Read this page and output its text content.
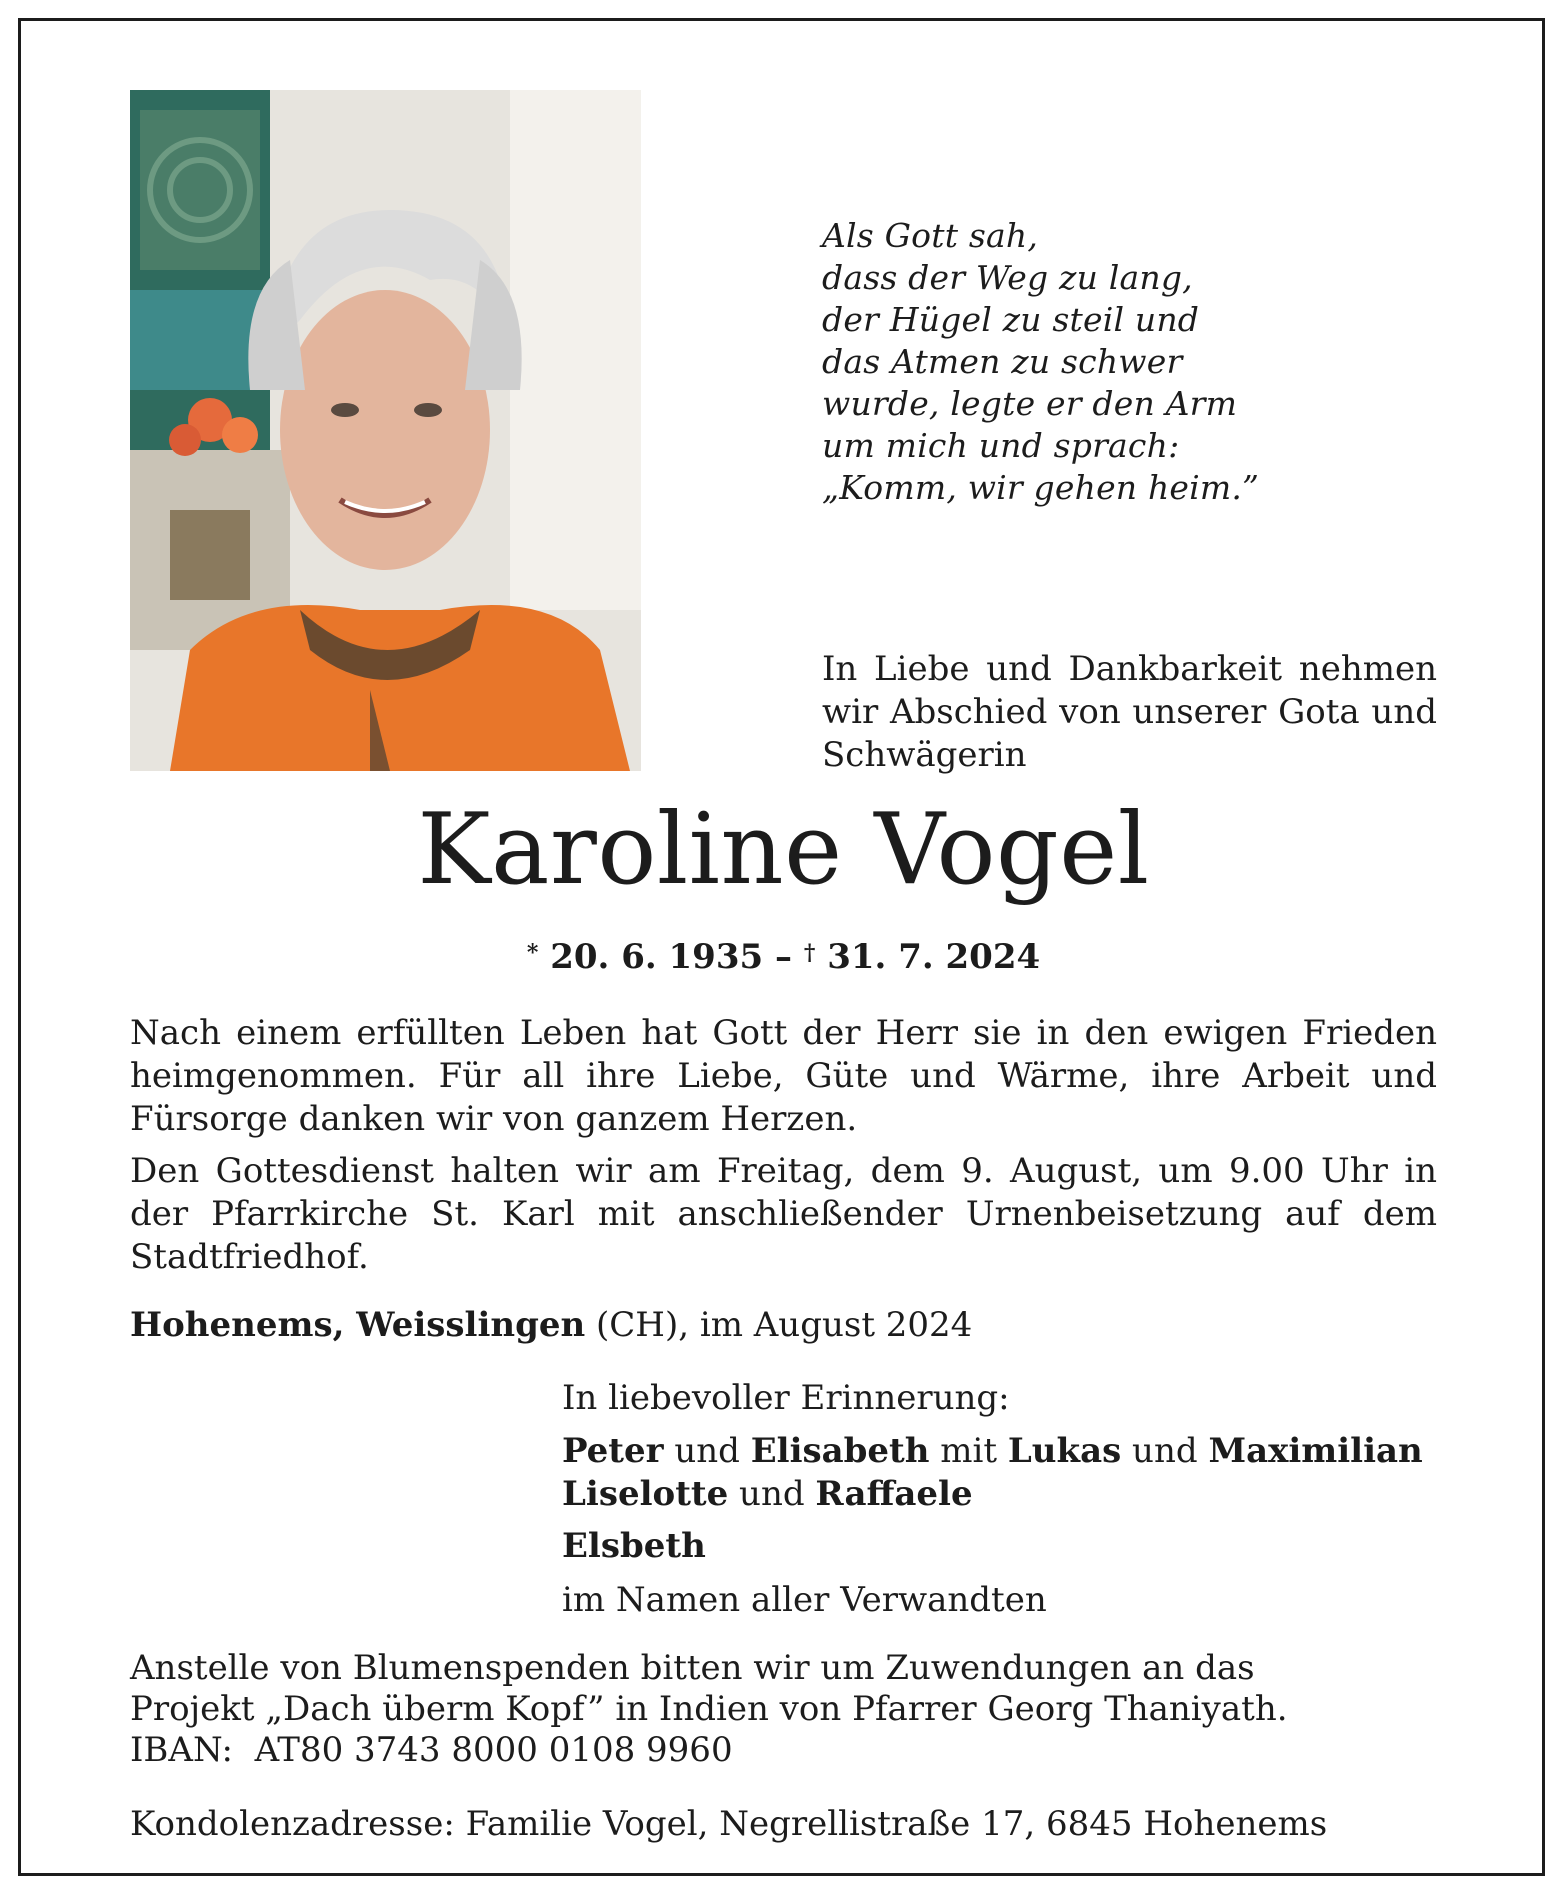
Als Gott sah,
dass der Weg zu lang,
der Hügel zu steil und
das Atmen zu schwer
wurde, legte er den Arm
um mich und sprach:
„Komm, wir gehen heim.”
In Liebe und Dankbarkeit nehmen wir Abschied von unserer Gota und Schwägerin
Karoline Vogel
* 20. 6. 1935 – † 31. 7. 2024
Nach einem erfüllten Leben hat Gott der Herr sie in den ewigen Frieden heimgenommen. Für all ihre Liebe, Güte und Wärme, ihre Arbeit und Fürsorge danken wir von ganzem Herzen.
Den Gottesdienst halten wir am Freitag, dem 9. August, um 9.00 Uhr in der Pfarrkirche St. Karl mit anschließender Urnenbeisetzung auf dem Stadtfriedhof.
Hohenems, Weisslingen (CH), im August 2024
In liebevoller Erinnerung:
Peter und Elisabeth mit Lukas und Maximilian
Liselotte und Raffaele
Elsbeth
im Namen aller Verwandten
Anstelle von Blumenspenden bitten wir um Zuwendungen an das
Projekt „Dach überm Kopf” in Indien von Pfarrer Georg Thaniyath.
IBAN: AT80 3743 8000 0108 9960
Kondolenzadresse: Familie Vogel, Negrellistraße 17, 6845 Hohenems
